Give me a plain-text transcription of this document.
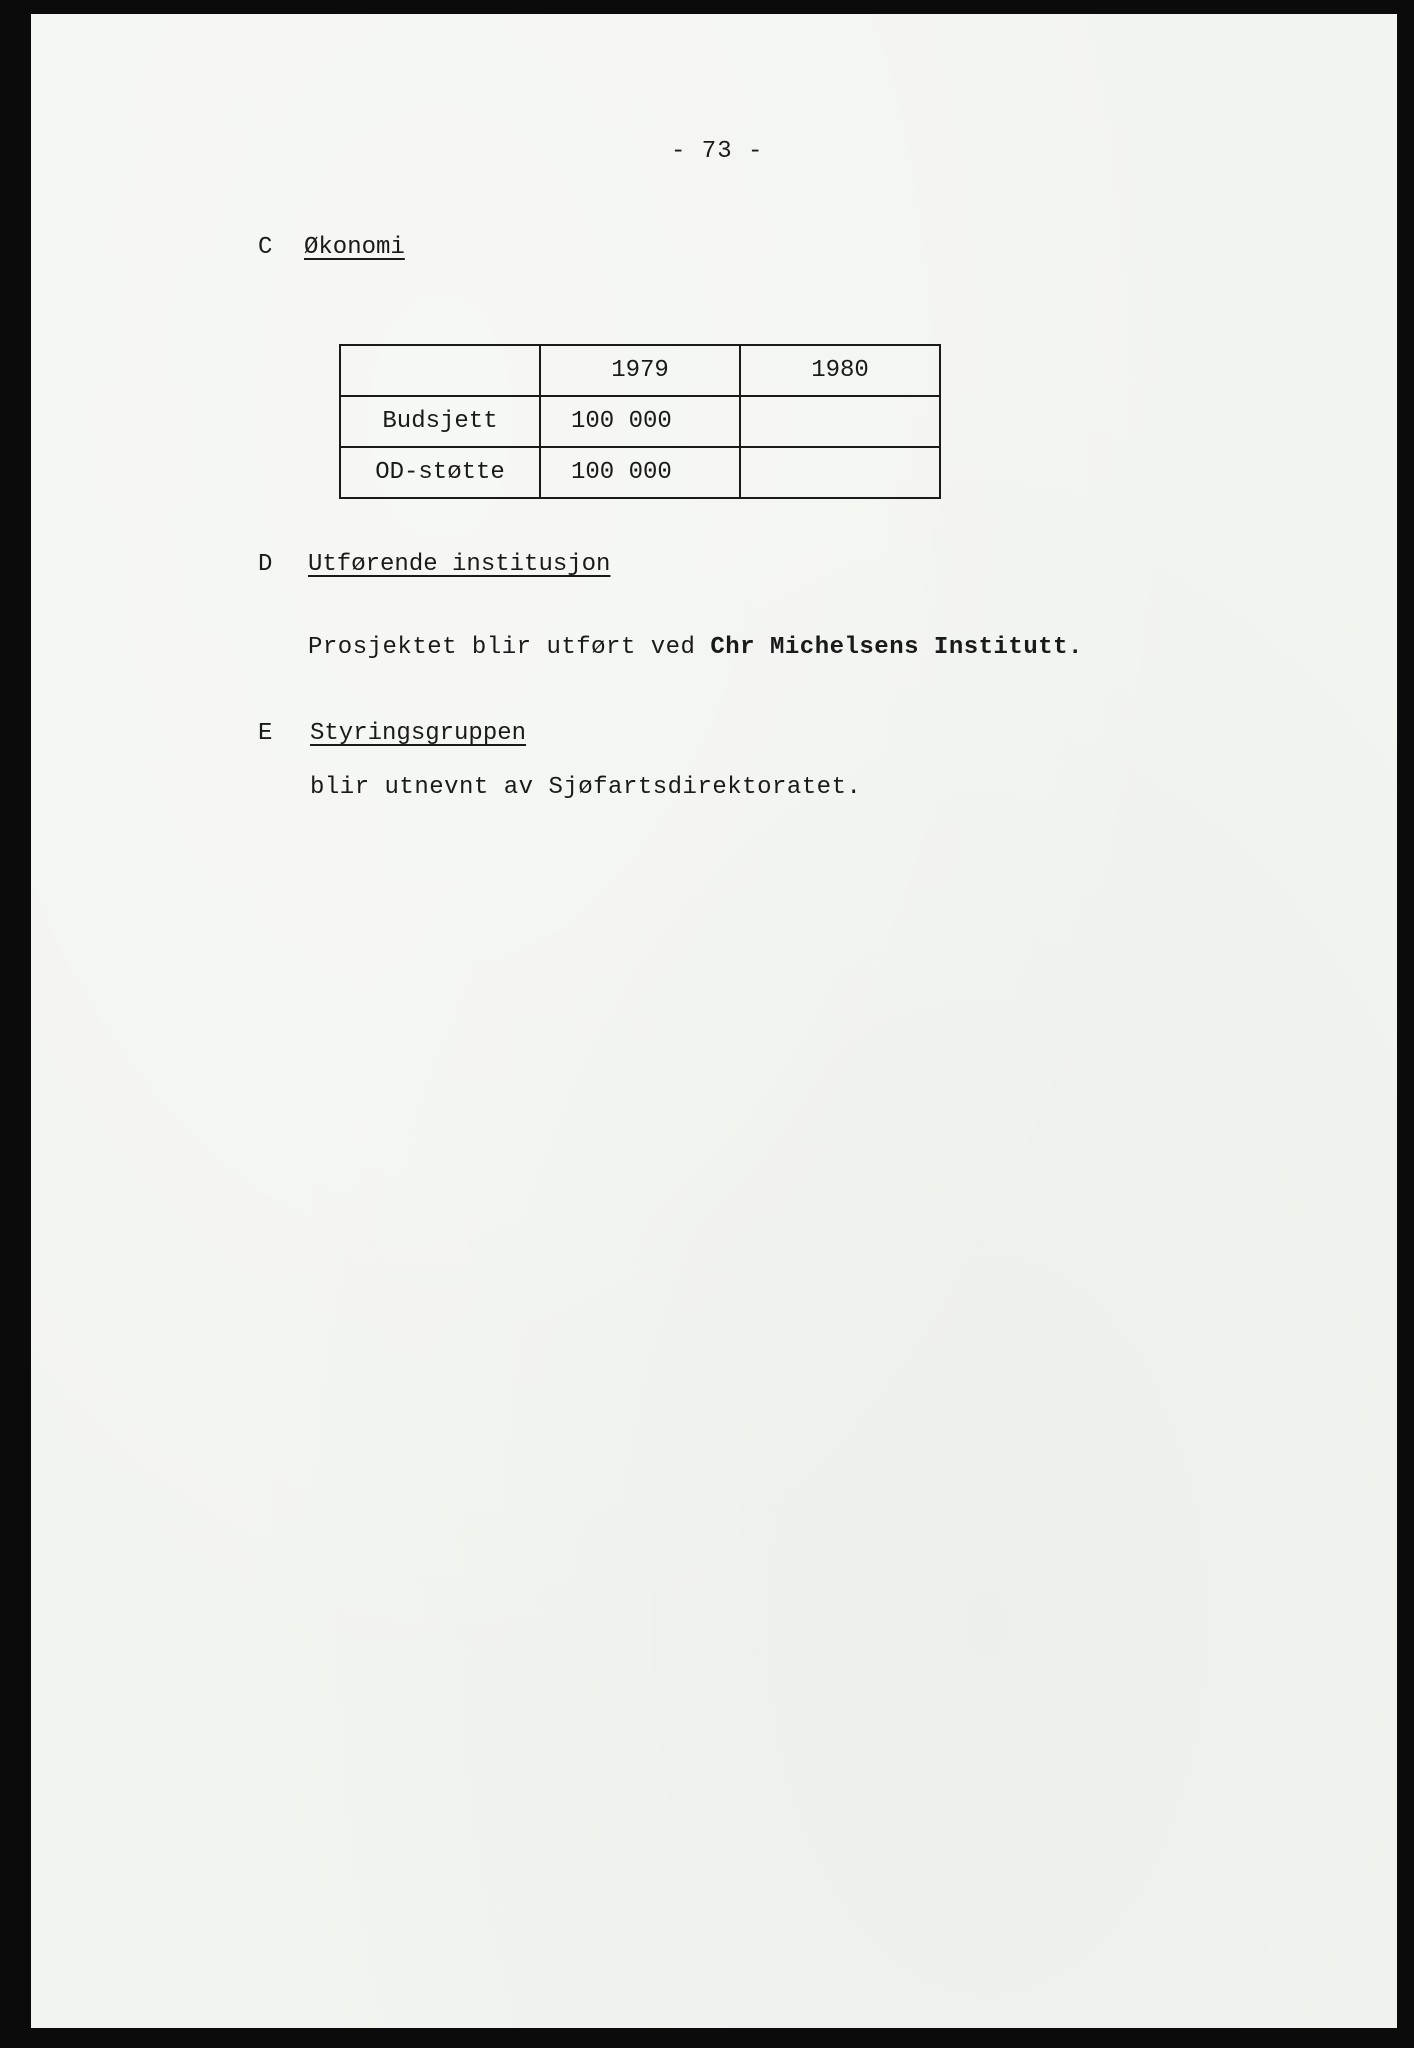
- 73 -
C Økonomi
	1979	1980
Budsjett	100 000	
OD-støtte	100 000	
D Utførende institusjon
Prosjektet blir utført ved Chr Michelsens Institutt.
E Styringsgruppen
blir utnevnt av Sjøfartsdirektoratet.
